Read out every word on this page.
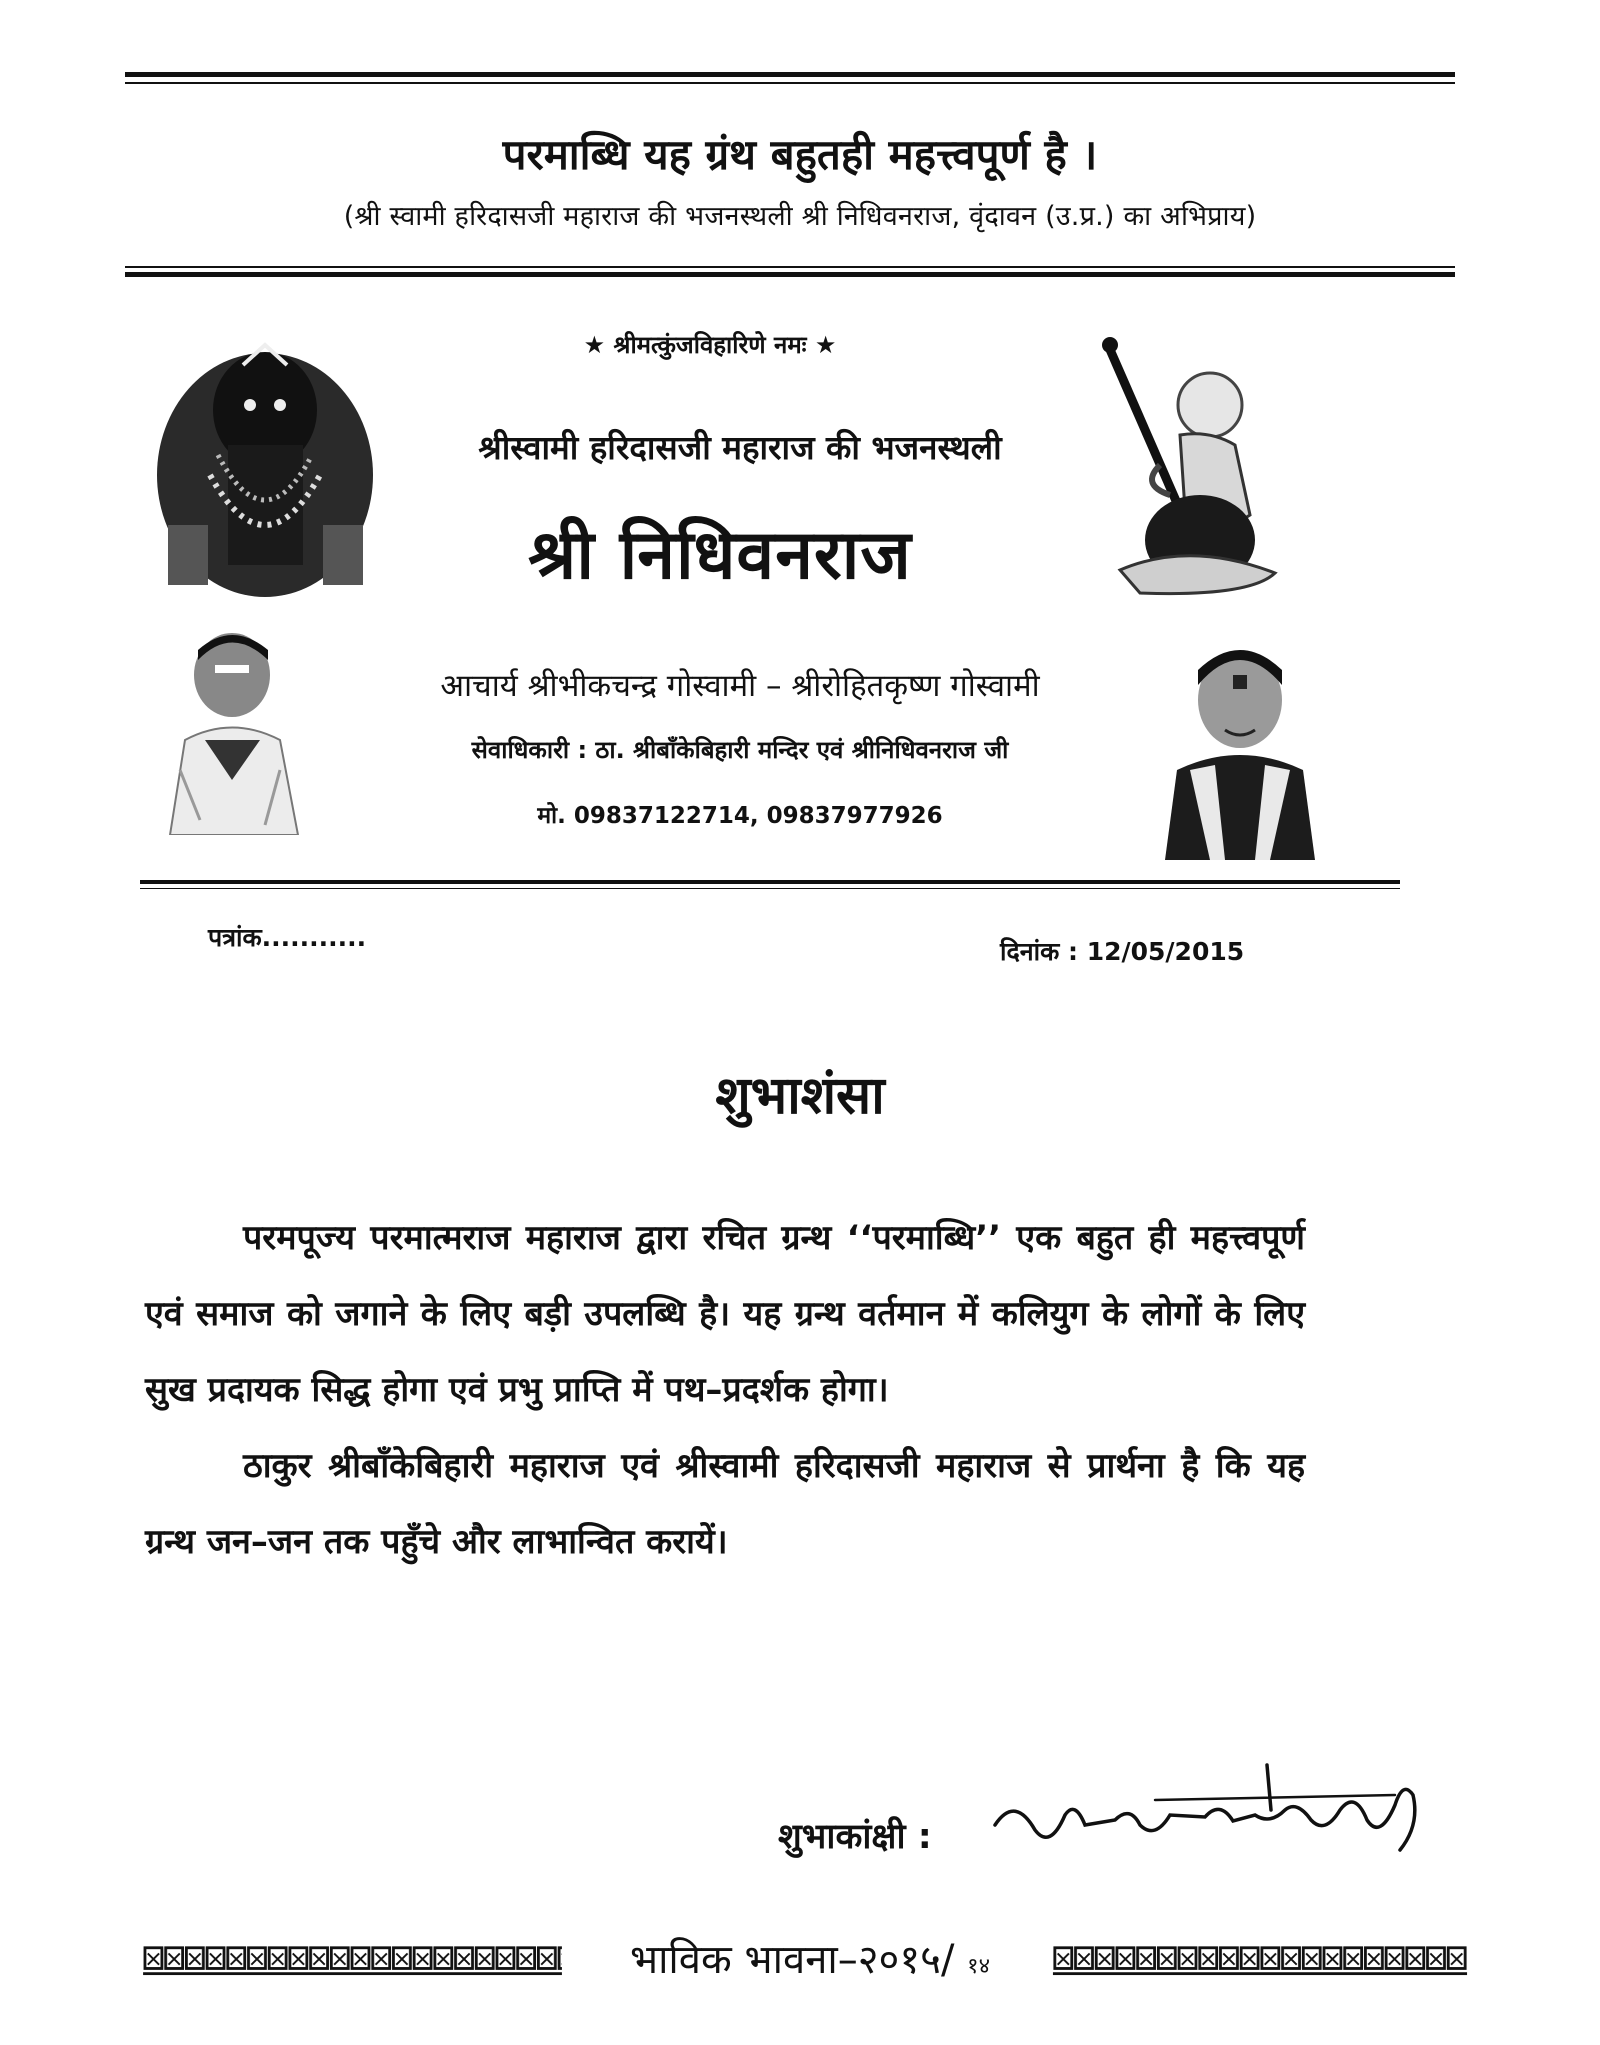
परमाब्धि यह ग्रंथ बहुतही महत्त्वपूर्ण है ।
(श्री स्वामी हरिदासजी महाराज की भजनस्थली श्री निधिवनराज, वृंदावन (उ.प्र.) का अभिप्राय)
★ श्रीमत्कुंजविहारिणे नमः ★
श्रीस्वामी हरिदासजी महाराज की भजनस्थली
श्री निधिवनराज
आचार्य श्रीभीकचन्द्र गोस्वामी – श्रीरोहितकृष्ण गोस्वामी
सेवाधिकारी : ठा. श्रीबाँकेबिहारी मन्दिर एवं श्रीनिधिवनराज जी
मो. 09837122714, 09837977926
पत्रांक...........	दिनांक : 12/05/2015
शुभाशंसा

परमपूज्य परमात्मराज महाराज द्वारा रचित ग्रन्थ ‘‘परमाब्धि’’ एक बहुत ही महत्त्वपूर्ण एवं समाज को जगाने के लिए बड़ी उपलब्धि है। यह ग्रन्थ वर्तमान में कलियुग के लोगों के लिए सुख प्रदायक सिद्ध होगा एवं प्रभु प्राप्ति में पथ–प्रदर्शक होगा।

ठाकुर श्रीबाँकेबिहारी महाराज एवं श्रीस्वामी हरिदासजी महाराज से प्रार्थना है कि यह ग्रन्थ जन–जन तक पहुँचे और लाभान्वित करायें।

शुभाकांक्षी :
भाविक भावना–२०१५/ १४
